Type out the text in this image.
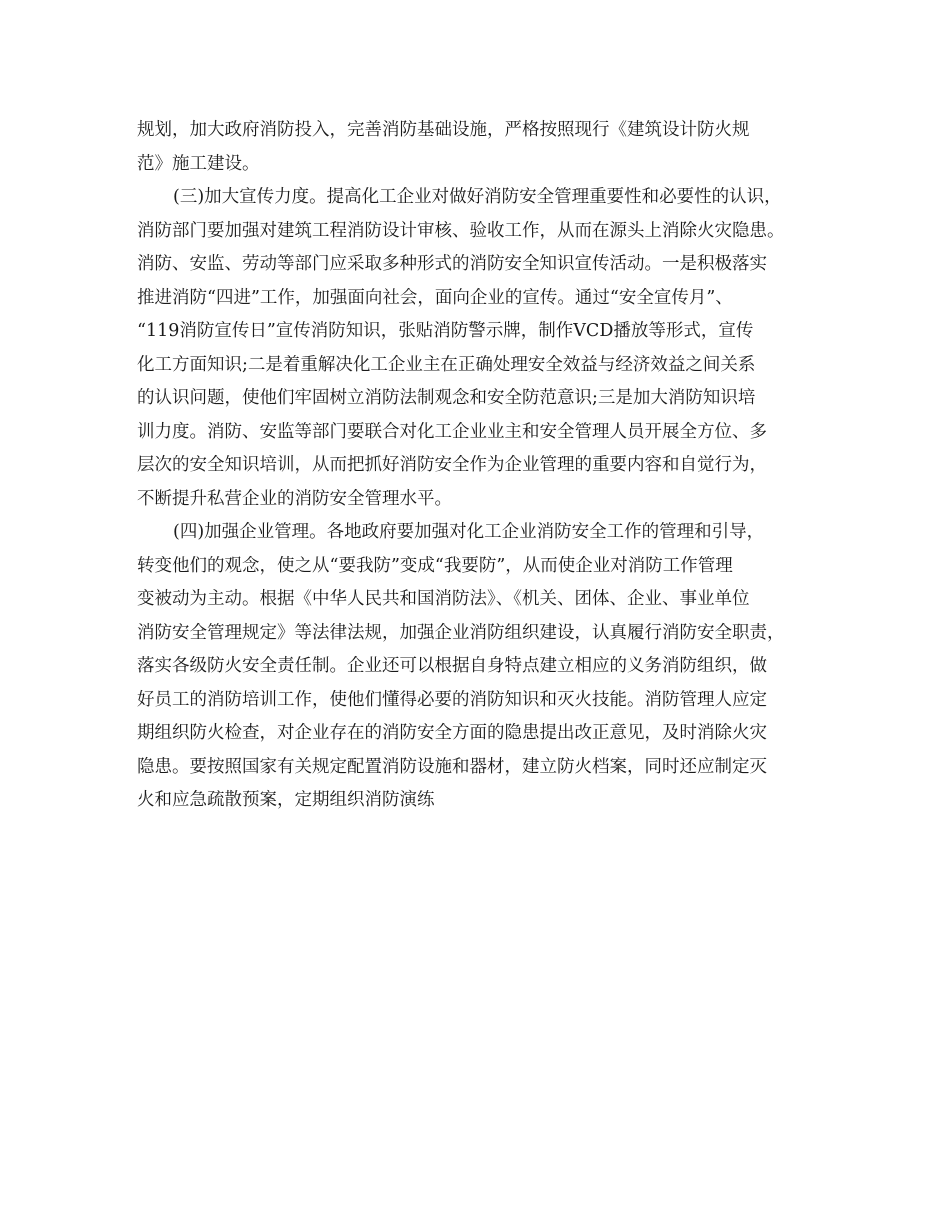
规划，加大政府消防投入，完善消防基础设施，严格按照现行《建筑设计防火规
范》施工建设。
(三)加大宣传力度。提高化工企业对做好消防安全管理重要性和必要性的认识，
消防部门要加强对建筑工程消防设计审核、验收工作，从而在源头上消除火灾隐患。
消防、安监、劳动等部门应采取多种形式的消防安全知识宣传活动。一是积极落实
推进消防“四进”工作，加强面向社会，面向企业的宣传。通过“安全宣传月”、
“119消防宣传日”宣传消防知识，张贴消防警示牌，制作VCD播放等形式，宣传
化工方面知识;二是着重解决化工企业主在正确处理安全效益与经济效益之间关系
的认识问题，使他们牢固树立消防法制观念和安全防范意识;三是加大消防知识培
训力度。消防、安监等部门要联合对化工企业业主和安全管理人员开展全方位、多
层次的安全知识培训，从而把抓好消防安全作为企业管理的重要内容和自觉行为，
不断提升私营企业的消防安全管理水平。
(四)加强企业管理。各地政府要加强对化工企业消防安全工作的管理和引导，
转变他们的观念，使之从“要我防”变成“我要防”，从而使企业对消防工作管理
变被动为主动。根据《中华人民共和国消防法》、《机关、团体、企业、事业单位
消防安全管理规定》等法律法规，加强企业消防组织建设，认真履行消防安全职责，
落实各级防火安全责任制。企业还可以根据自身特点建立相应的义务消防组织，做
好员工的消防培训工作，使他们懂得必要的消防知识和灭火技能。消防管理人应定
期组织防火检查，对企业存在的消防安全方面的隐患提出改正意见，及时消除火灾
隐患。要按照国家有关规定配置消防设施和器材，建立防火档案，同时还应制定灭
火和应急疏散预案，定期组织消防演练
